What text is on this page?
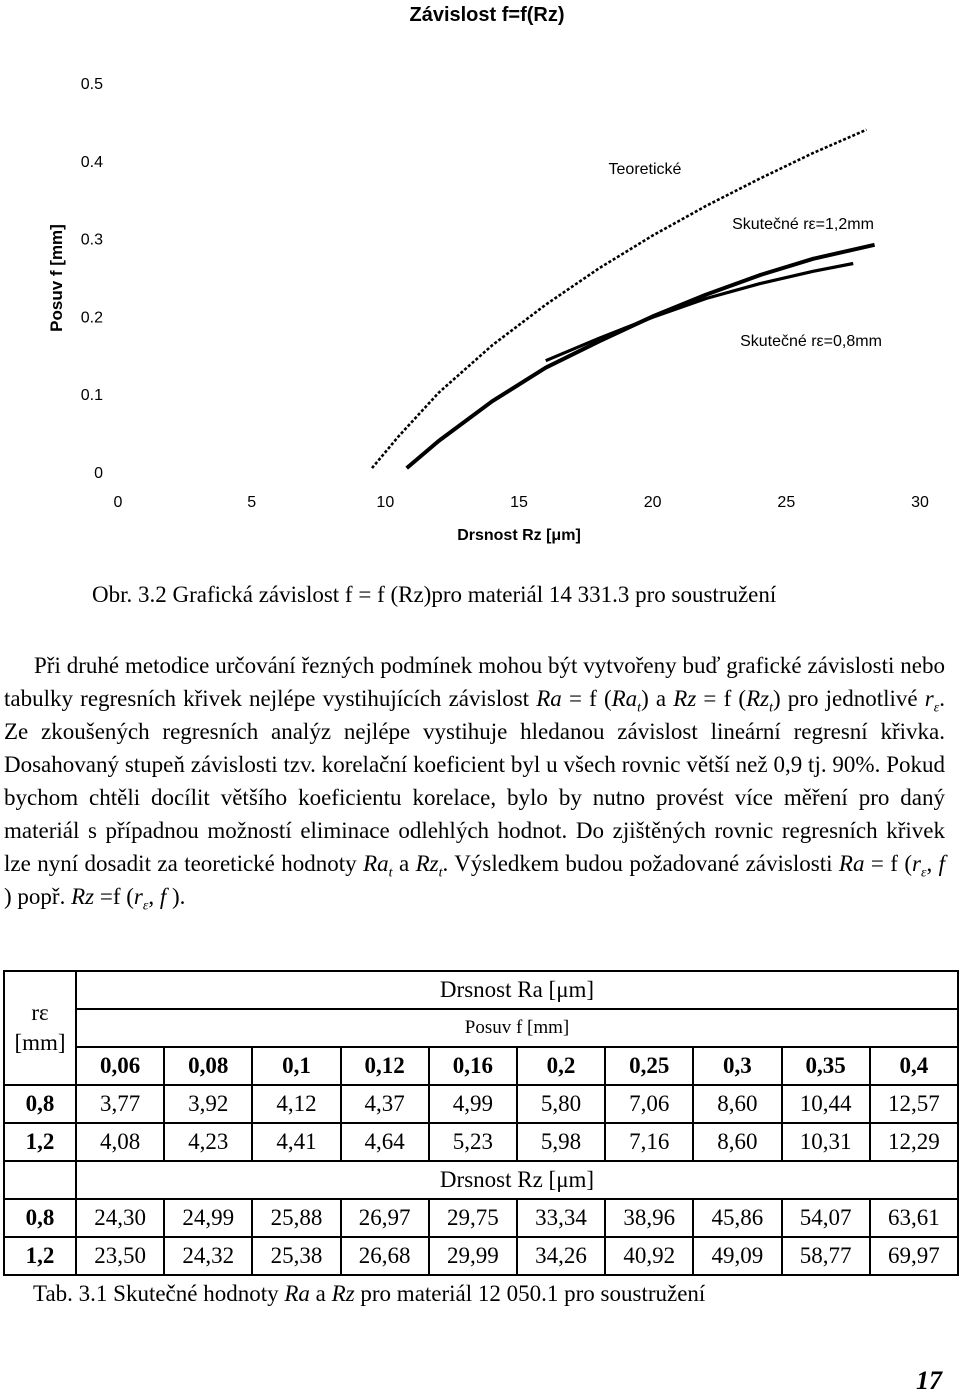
Závislost f=f(Rz)
Posuv f [mm]
Drsnost Rz [μm]
0	5	10	15	20	25	30
0
0.1
0.2
0.3
0.4
0.5
Teoretické
Skutečné rε=1,2mm
Skutečné rε=0,8mm
Obr. 3.2 Grafická závislost f = f (Rz)pro materiál 14 331.3 pro soustružení

Při druhé metodice určování řezných podmínek mohou být vytvořeny buď grafické závislosti nebo tabulky regresních křivek nejlépe vystihujících závislost Ra = f $(Ra_t)$ a Rz = f $(Rz_t)$ pro jednotlivé $r_\varepsilon$. Ze zkoušených regresních analýz nejlépe vystihuje hledanou závislost lineární regresní křivka. Dosahovaný stupeň závislosti tzv. korelační koeficient byl u všech rovnic větší než 0,9 tj. 90%. Pokud bychom chtěli docílit většího koeficientu korelace, bylo by nutno provést více měření pro daný materiál s případnou možností eliminace odlehlých hodnot. Do zjištěných rovnic regresních křivek lze nyní dosadit za teoretické hodnoty $Ra_t$ a $Rz_t$. Výsledkem budou požadované závislosti Ra = f ($r_\varepsilon$, f ) popř. Rz =f ($r_\varepsilon$, f ).

rε
[mm]	Drsnost Ra [μm]									
	Posuv f [mm]									
	0,06	0,08	0,1	0,12	0,16	0,2	0,25	0,3	0,35	0,4
0,8	3,77	3,92	4,12	4,37	4,99	5,80	7,06	8,60	10,44	12,57
1,2	4,08	4,23	4,41	4,64	5,23	5,98	7,16	8,60	10,31	12,29
	Drsnost Rz [μm]									
0,8	24,30	24,99	25,88	26,97	29,75	33,34	38,96	45,86	54,07	63,61
1,2	23,50	24,32	25,38	26,68	29,99	34,26	40,92	49,09	58,77	69,97
Tab. 3.1 Skutečné hodnoty Ra a Rz pro materiál 12 050.1 pro soustružení
17
